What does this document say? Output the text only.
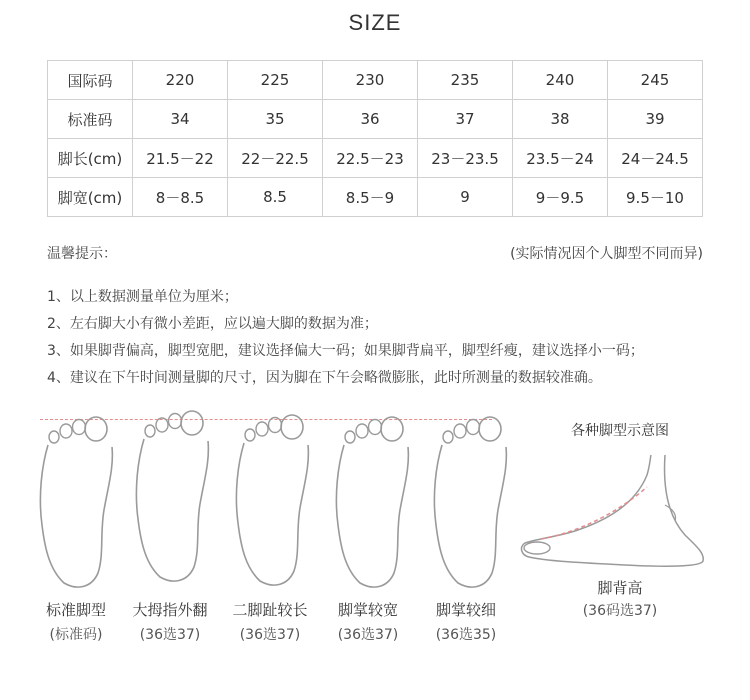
SIZE
国际码	220	225	230	235	240	245
标准码	34	35	36	37	38	39
脚长(cm)	21.5－22	22－22.5	22.5－23	23－23.5	23.5－24	24－24.5
脚宽(cm)	8－8.5	8.5	8.5－9	9	9－9.5	9.5－10
温馨提示：	(实际情况因个人脚型不同而异)
1、以上数据测量单位为厘米；
2、左右脚大小有微小差距，应以遍大脚的数据为准；
3、如果脚背偏高，脚型宽肥，建议选择偏大一码；如果脚背扁平，脚型纤瘦，建议选择小一码；
4、建议在下午时间测量脚的尺寸，因为脚在下午会略微膨胀，此时所测量的数据较准确。
标准脚型
(标准码)
大拇指外翻
(36选37)
二脚趾较长
(36选37)
脚掌较宽
(36选37)
脚掌较细
(36选35)
各种脚型示意图
脚背高
(36码选37)
